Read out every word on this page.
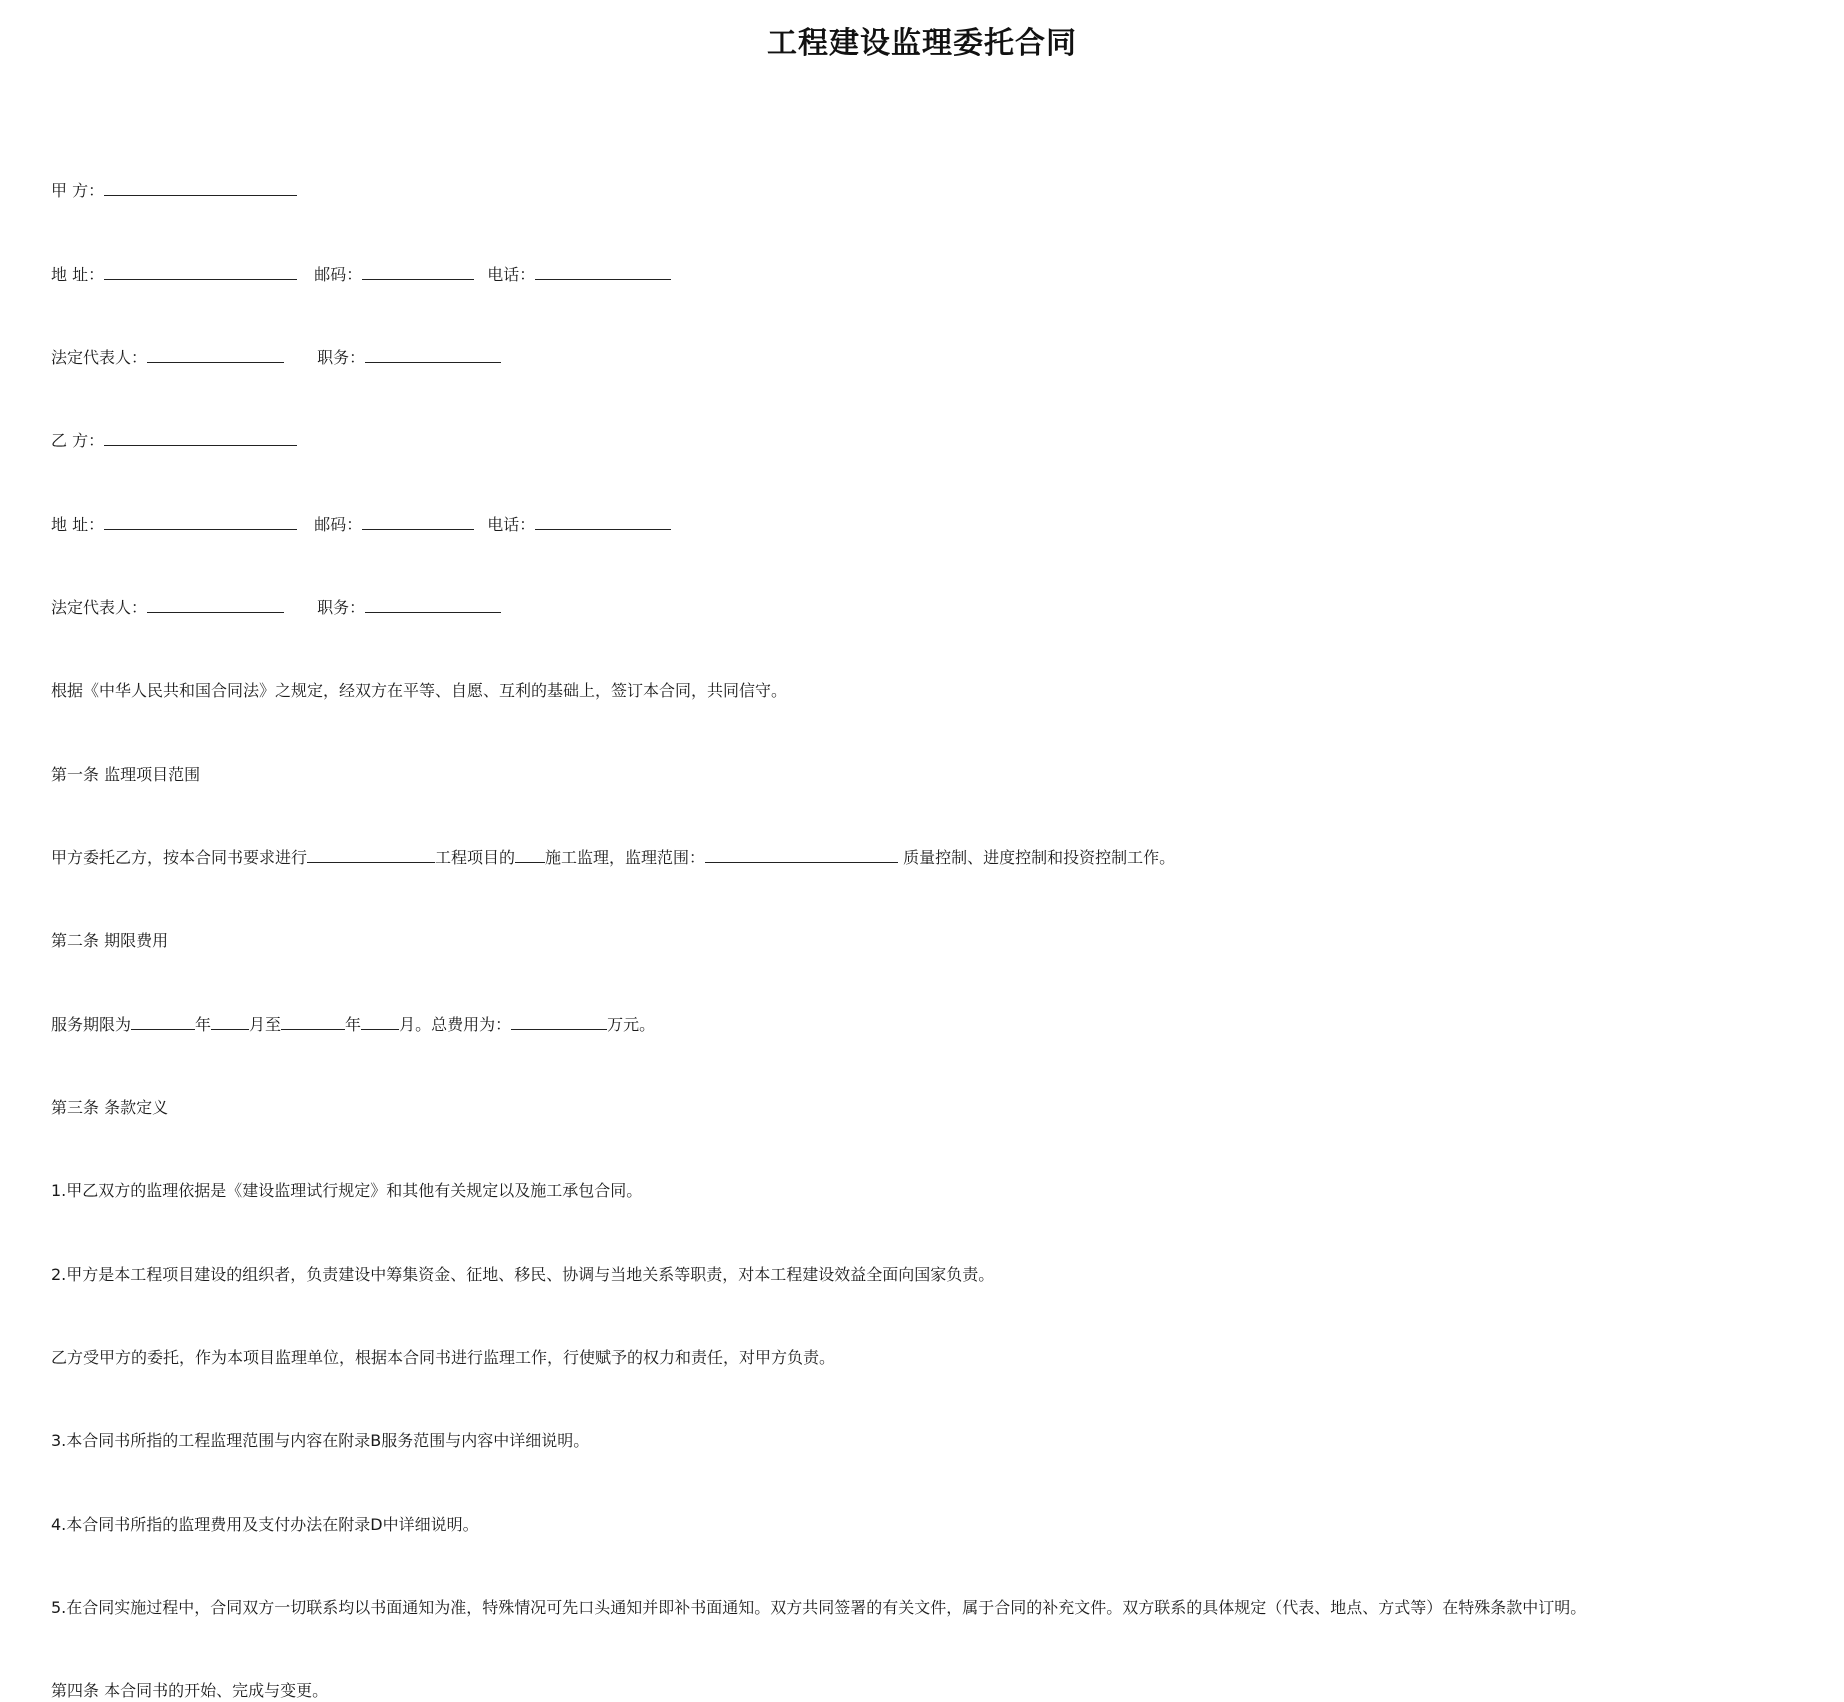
工程建设监理委托合同
甲 方：
地 址：	邮码：	电话：
法定代表人：	职务：
乙 方：
地 址：	邮码：	电话：
法定代表人：	职务：
根据《中华人民共和国合同法》之规定，经双方在平等、自愿、互利的基础上，签订本合同，共同信守。
第一条 监理项目范围
甲方委托乙方，按本合同书要求进行	工程项目的 施工监理，监理范围：	质量控制、进度控制和投资控制工作。
第二条 期限费用
服务期限为	年 月至	年 月。总费用为：	万元。
第三条 条款定义
1.甲乙双方的监理依据是《建设监理试行规定》和其他有关规定以及施工承包合同。
2.甲方是本工程项目建设的组织者，负责建设中筹集资金、征地、移民、协调与当地关系等职责，对本工程建设效益全面向国家负责。
乙方受甲方的委托，作为本项目监理单位，根据本合同书进行监理工作，行使赋予的权力和责任，对甲方负责。
3.本合同书所指的工程监理范围与内容在附录B服务范围与内容中详细说明。
4.本合同书所指的监理费用及支付办法在附录D中详细说明。
5.在合同实施过程中，合同双方一切联系均以书面通知为准，特殊情况可先口头通知并即补书面通知。双方共同签署的有关文件，属于合同的补充文件。双方联系的具体规定（代表、地点、方式等）在特殊条款中订明。
第四条 本合同书的开始、完成与变更。
